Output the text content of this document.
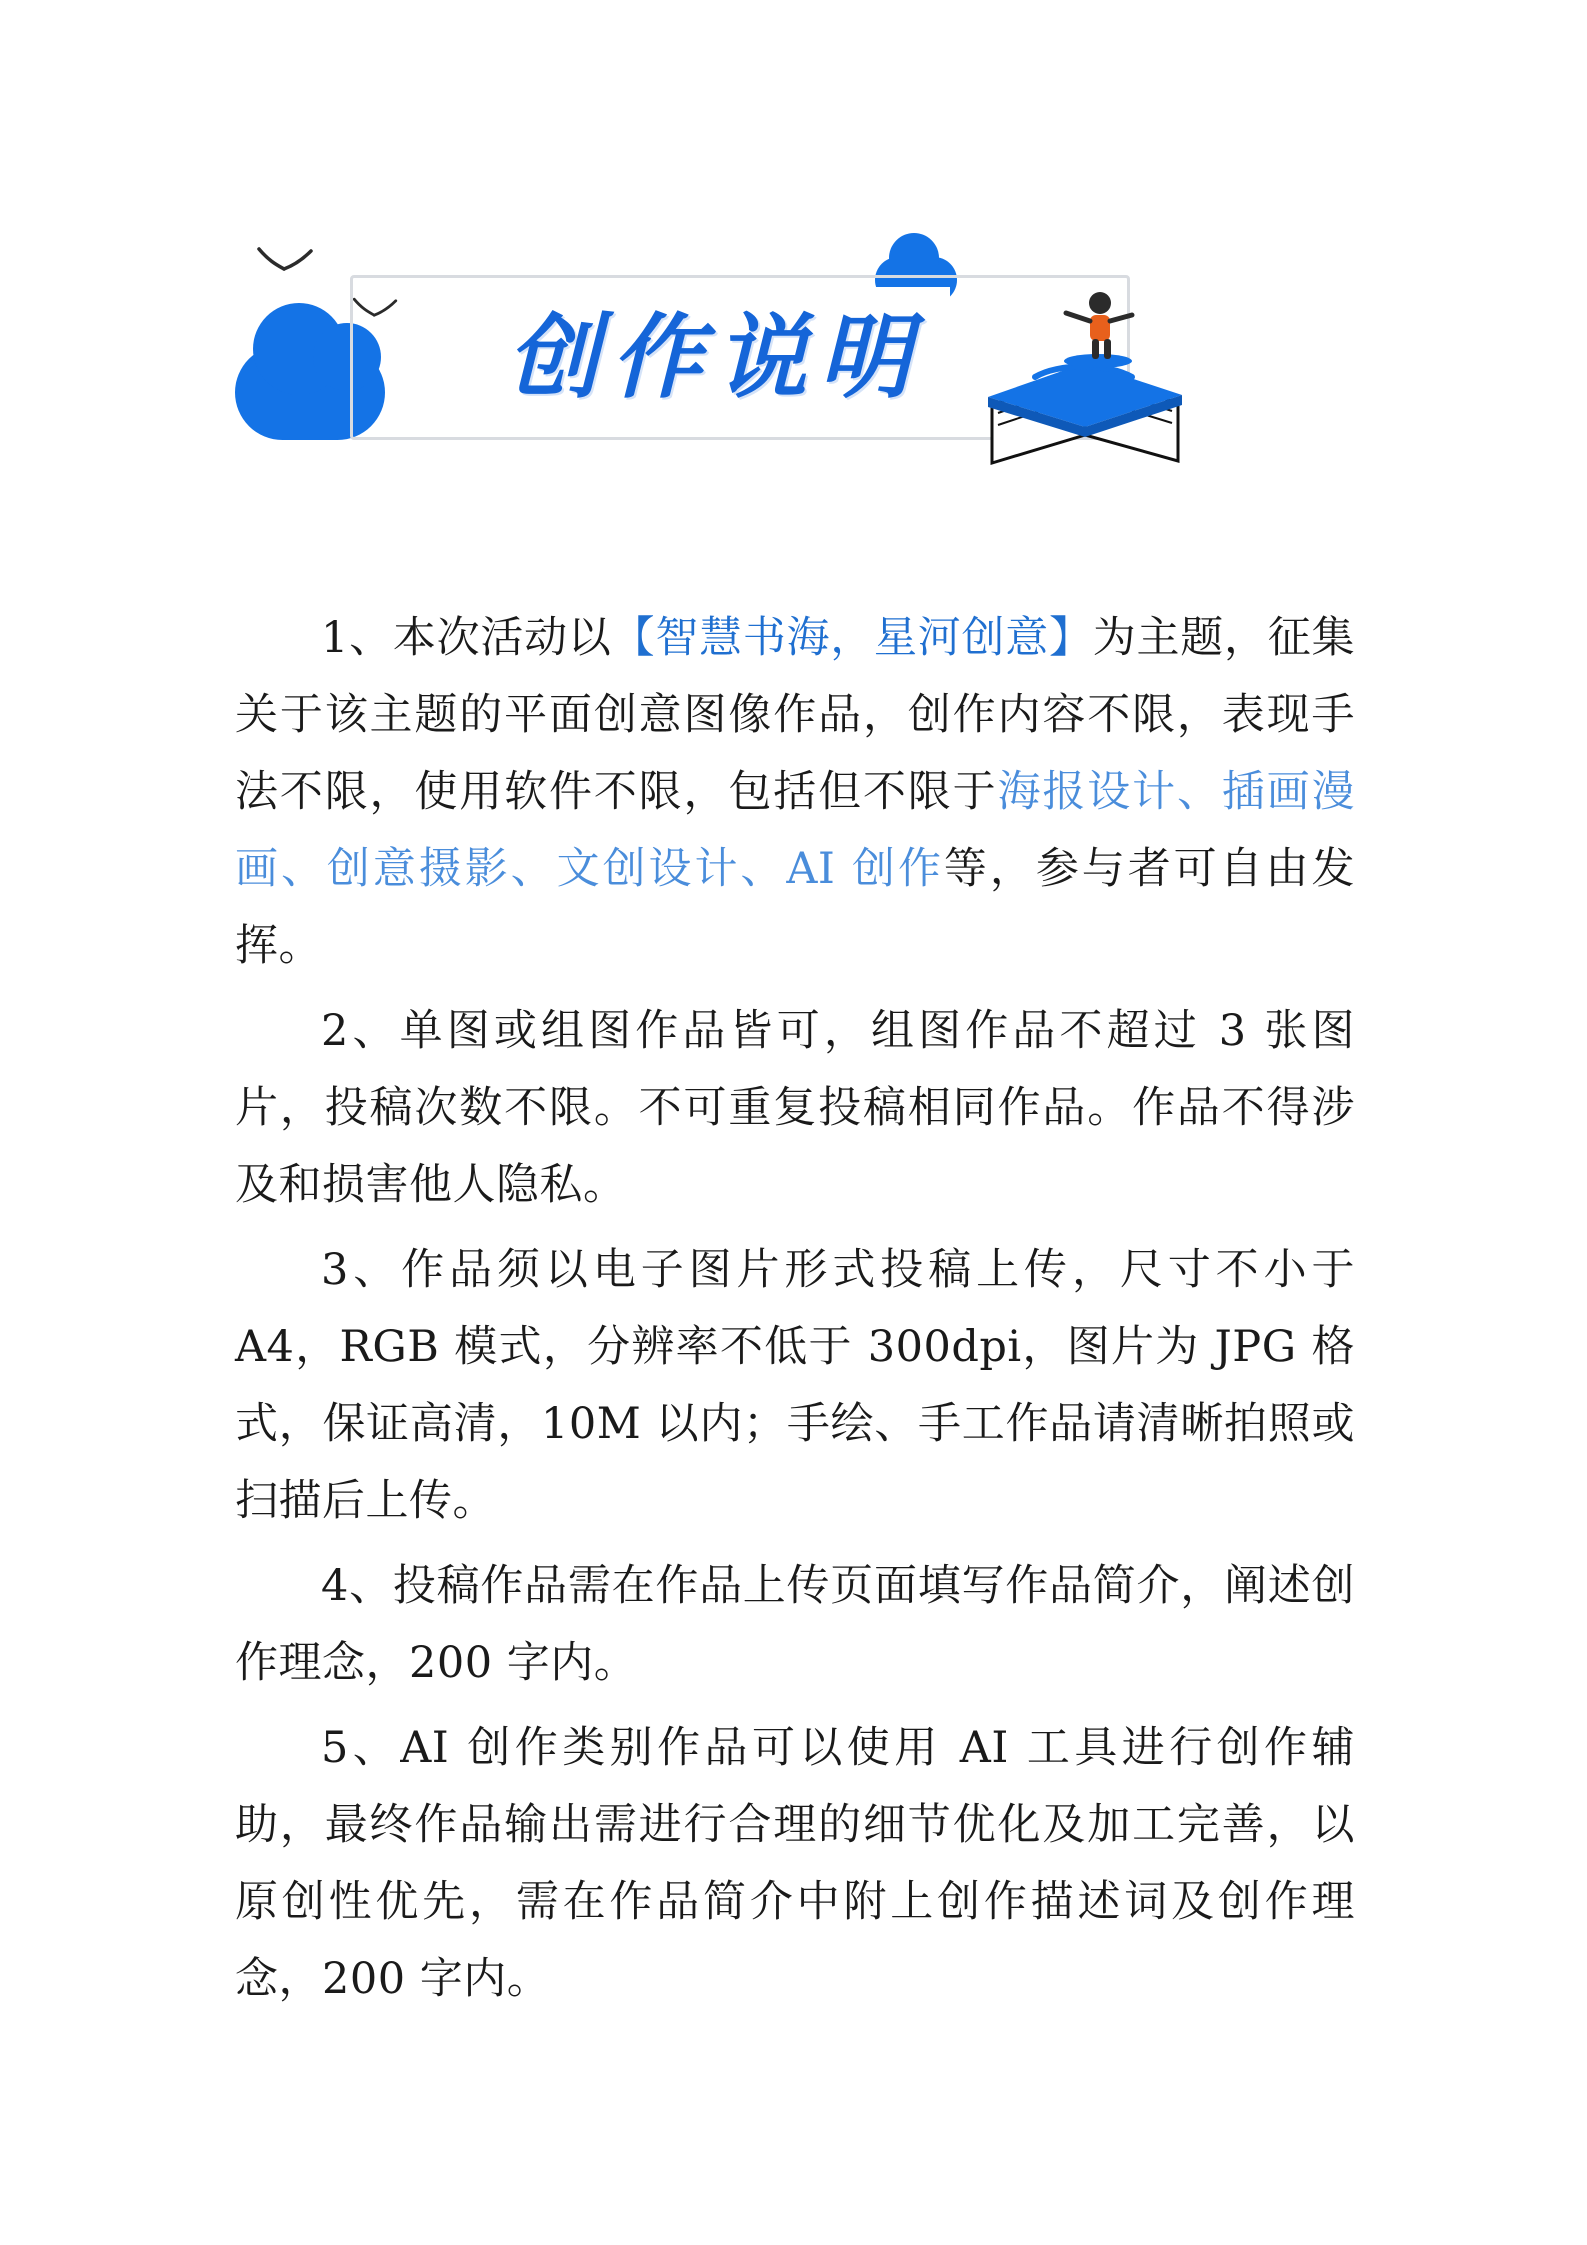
创作说明

1、本次活动以【智慧书海，星河创意】为主题，征集关于该主题的平面创意图像作品，创作内容不限，表现手法不限，使用软件不限，包括但不限于海报设计、插画漫画、创意摄影、文创设计、AI 创作等，参与者可自由发挥。

2、单图或组图作品皆可，组图作品不超过 3 张图片，投稿次数不限。不可重复投稿相同作品。作品不得涉及和损害他人隐私。

3、作品须以电子图片形式投稿上传，尺寸不小于 A4，RGB 模式，分辨率不低于 300dpi，图片为 JPG 格式，保证高清，10M 以内；手绘、手工作品请清晰拍照或扫描后上传。

4、投稿作品需在作品上传页面填写作品简介，阐述创作理念，200 字内。

5、AI 创作类别作品可以使用 AI 工具进行创作辅助，最终作品输出需进行合理的细节优化及加工完善，以原创性优先，需在作品简介中附上创作描述词及创作理念，200 字内。
